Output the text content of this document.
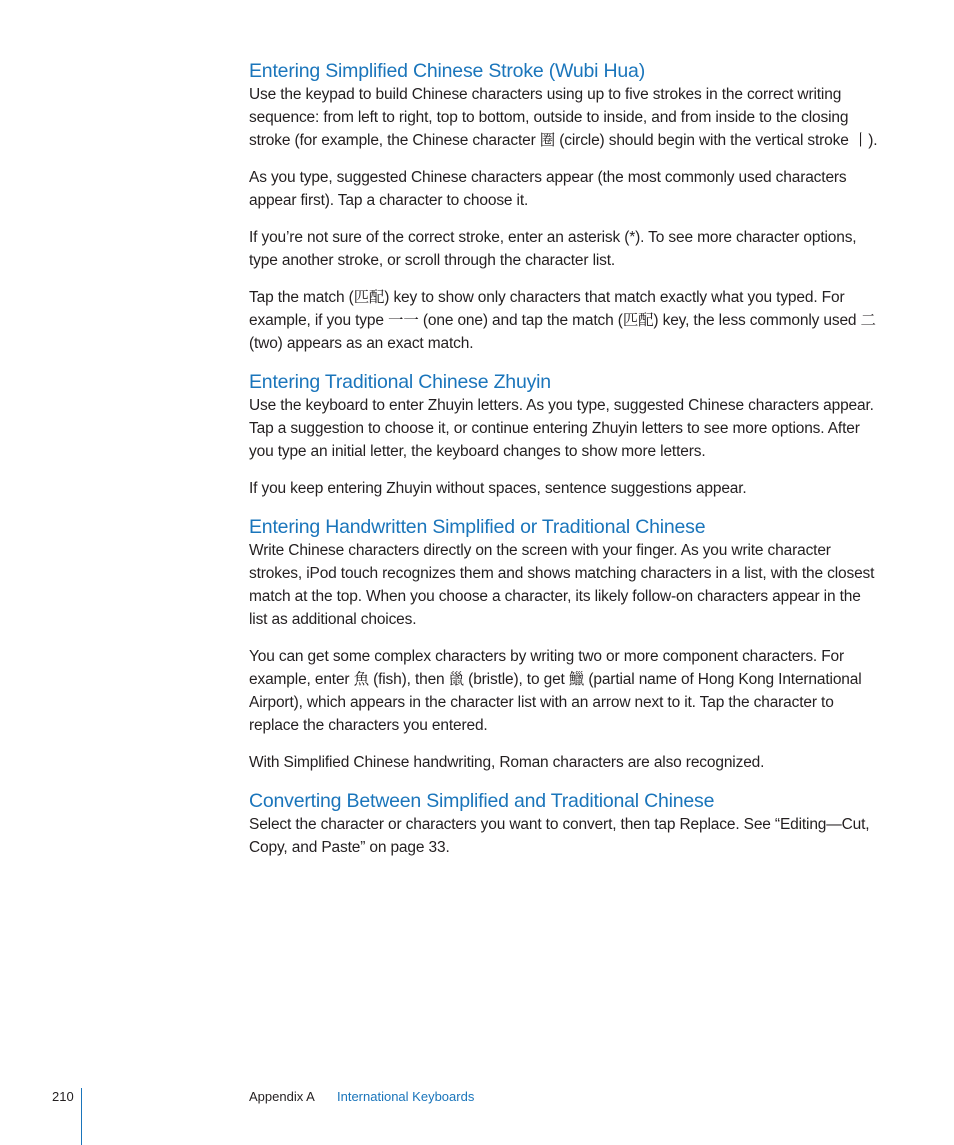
Entering Simplified Chinese Stroke (Wubi Hua)

Use the keypad to build Chinese characters using up to five strokes in the correct writing sequence: from left to right, top to bottom, outside to inside, and from inside to the closing stroke (for example, the Chinese character 圈 (circle) should begin with the vertical stroke 丨).

As you type, suggested Chinese characters appear (the most commonly used characters appear first). Tap a character to choose it.

If you’re not sure of the correct stroke, enter an asterisk (*). To see more character options, type another stroke, or scroll through the character list.

Tap the match (匹配) key to show only characters that match exactly what you typed. For example, if you type 一一 (one one) and tap the match (匹配) key, the less commonly used 二 (two) appears as an exact match.

Entering Traditional Chinese Zhuyin

Use the keyboard to enter Zhuyin letters. As you type, suggested Chinese characters appear. Tap a suggestion to choose it, or continue entering Zhuyin letters to see more options. After you type an initial letter, the keyboard changes to show more letters.

If you keep entering Zhuyin without spaces, sentence suggestions appear.

Entering Handwritten Simplified or Traditional Chinese

Write Chinese characters directly on the screen with your finger. As you write character strokes, iPod touch recognizes them and shows matching characters in a list, with the closest match at the top. When you choose a character, its likely follow-on characters appear in the list as additional choices.

You can get some complex characters by writing two or more component characters. For example, enter 魚 (fish), then 巤 (bristle), to get 鱲 (partial name of Hong Kong International Airport), which appears in the character list with an arrow next to it. Tap the character to replace the characters you entered.

With Simplified Chinese handwriting, Roman characters are also recognized.

Converting Between Simplified and Traditional Chinese

Select the character or characters you want to convert, then tap Replace. See “Editing—Cut, Copy, and Paste” on page 33.

210	Appendix A International Keyboards
